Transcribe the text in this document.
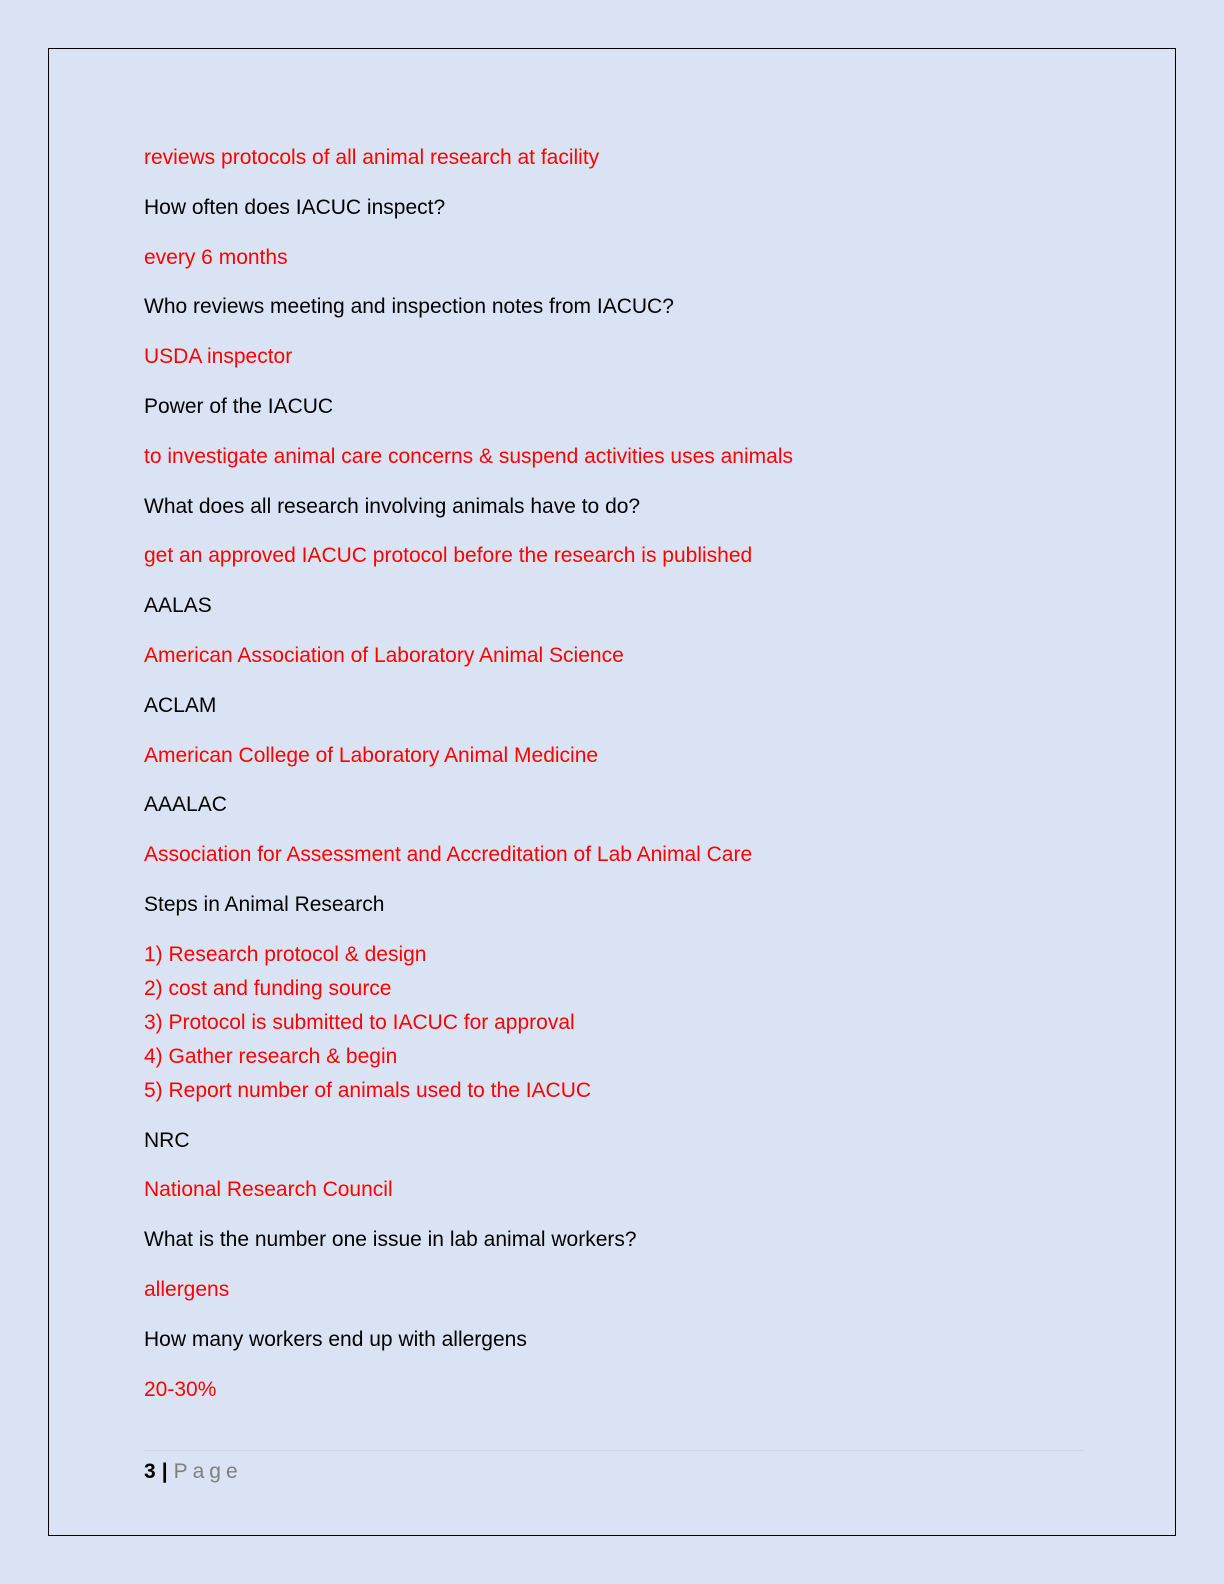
reviews protocols of all animal research at facility
How often does IACUC inspect?
every 6 months
Who reviews meeting and inspection notes from IACUC?
USDA inspector
Power of the IACUC
to investigate animal care concerns & suspend activities uses animals
What does all research involving animals have to do?
get an approved IACUC protocol before the research is published
AALAS
American Association of Laboratory Animal Science
ACLAM
American College of Laboratory Animal Medicine
AAALAC
Association for Assessment and Accreditation of Lab Animal Care
Steps in Animal Research
1) Research protocol & design
2) cost and funding source
3) Protocol is submitted to IACUC for approval
4) Gather research & begin
5) Report number of animals used to the IACUC
NRC
National Research Council
What is the number one issue in lab animal workers?
allergens
How many workers end up with allergens
20-30%
3 | Page
